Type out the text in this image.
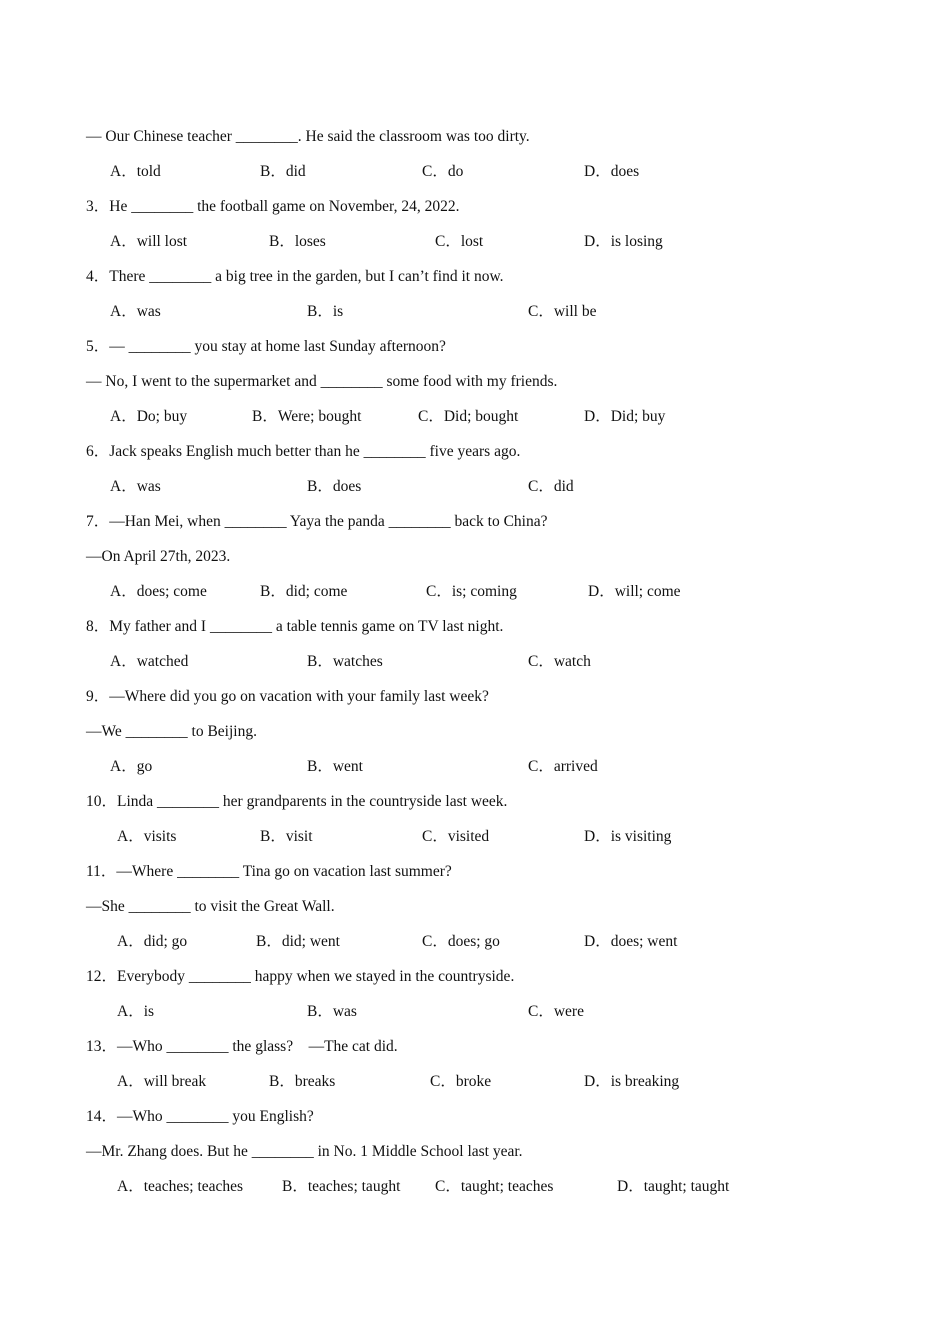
— Our Chinese teacher ________. He said the classroom was too dirty.
A．told	B．did	C．do	D．does
3．He ________ the football game on November, 24, 2022.
A．will lost	B．loses	C．lost	D．is losing
4．There ________ a big tree in the garden, but I can’t find it now.
A．was	B．is	C．will be
5．— ________ you stay at home last Sunday afternoon?
— No, I went to the supermarket and ________ some food with my friends.
A．Do; buy	B．Were; bought	C．Did; bought	D．Did; buy
6．Jack speaks English much better than he ________ five years ago.
A．was	B．does	C．did
7．—Han Mei, when ________ Yaya the panda ________ back to China?
—On April 27th, 2023.
A．does; come	B．did; come	C．is; coming	D．will; come
8．My father and I ________ a table tennis game on TV last night.
A．watched	B．watches	C．watch
9．—Where did you go on vacation with your family last week?
—We ________ to Beijing.
A．go	B．went	C．arrived
10．Linda ________ her grandparents in the countryside last week.
A．visits	B．visit	C．visited	D．is visiting
11．—Where ________ Tina go on vacation last summer?
—She ________ to visit the Great Wall.
A．did; go	B．did; went	C．does; go	D．does; went
12．Everybody ________ happy when we stayed in the countryside.
A．is	B．was	C．were
13．—Who ________ the glass?    —The cat did.
A．will break	B．breaks	C．broke	D．is breaking
14．—Who ________ you English?
—Mr. Zhang does. But he ________ in No. 1 Middle School last year.
A．teaches; teaches	B．teaches; taught C．taught; teaches	D．taught; taught
